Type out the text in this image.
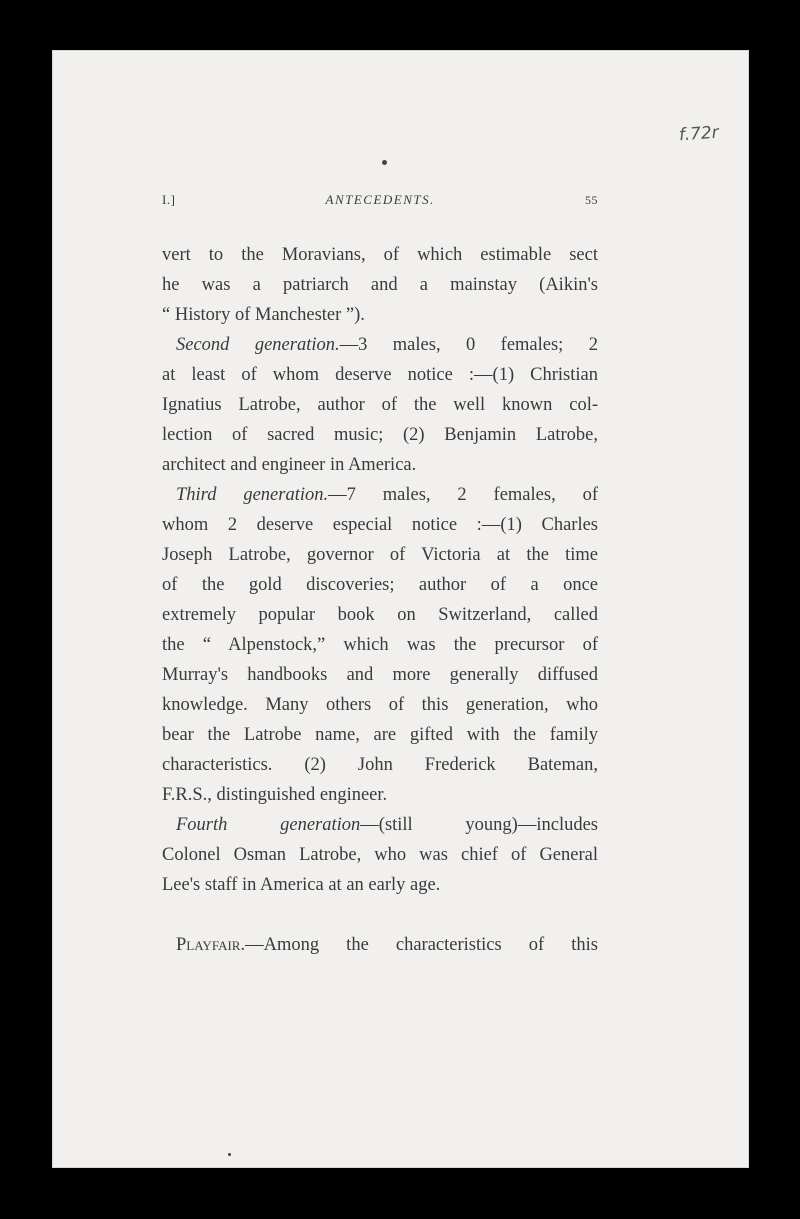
f.72r
I.]	ANTECEDENTS.	55
vert to the Moravians, of which estimable sect
he was a patriarch and a mainstay (Aikin's
“ History of Manchester ”).
Second generation.—3 males, 0 females; 2
at least of whom deserve notice :—(1) Christian
Ignatius Latrobe, author of the well known col-
lection of sacred music; (2) Benjamin Latrobe,
architect and engineer in America.
Third generation.—7 males, 2 females, of
whom 2 deserve especial notice :—(1) Charles
Joseph Latrobe, governor of Victoria at the time
of the gold discoveries; author of a once
extremely popular book on Switzerland, called
the “ Alpenstock,” which was the precursor of
Murray's handbooks and more generally diffused
knowledge. Many others of this generation, who
bear the Latrobe name, are gifted with the family
characteristics. (2) John Frederick Bateman,
F.R.S., distinguished engineer.
Fourth generation—(still young)—includes
Colonel Osman Latrobe, who was chief of General
Lee's staff in America at an early age.
Playfair.—Among the characteristics of this
